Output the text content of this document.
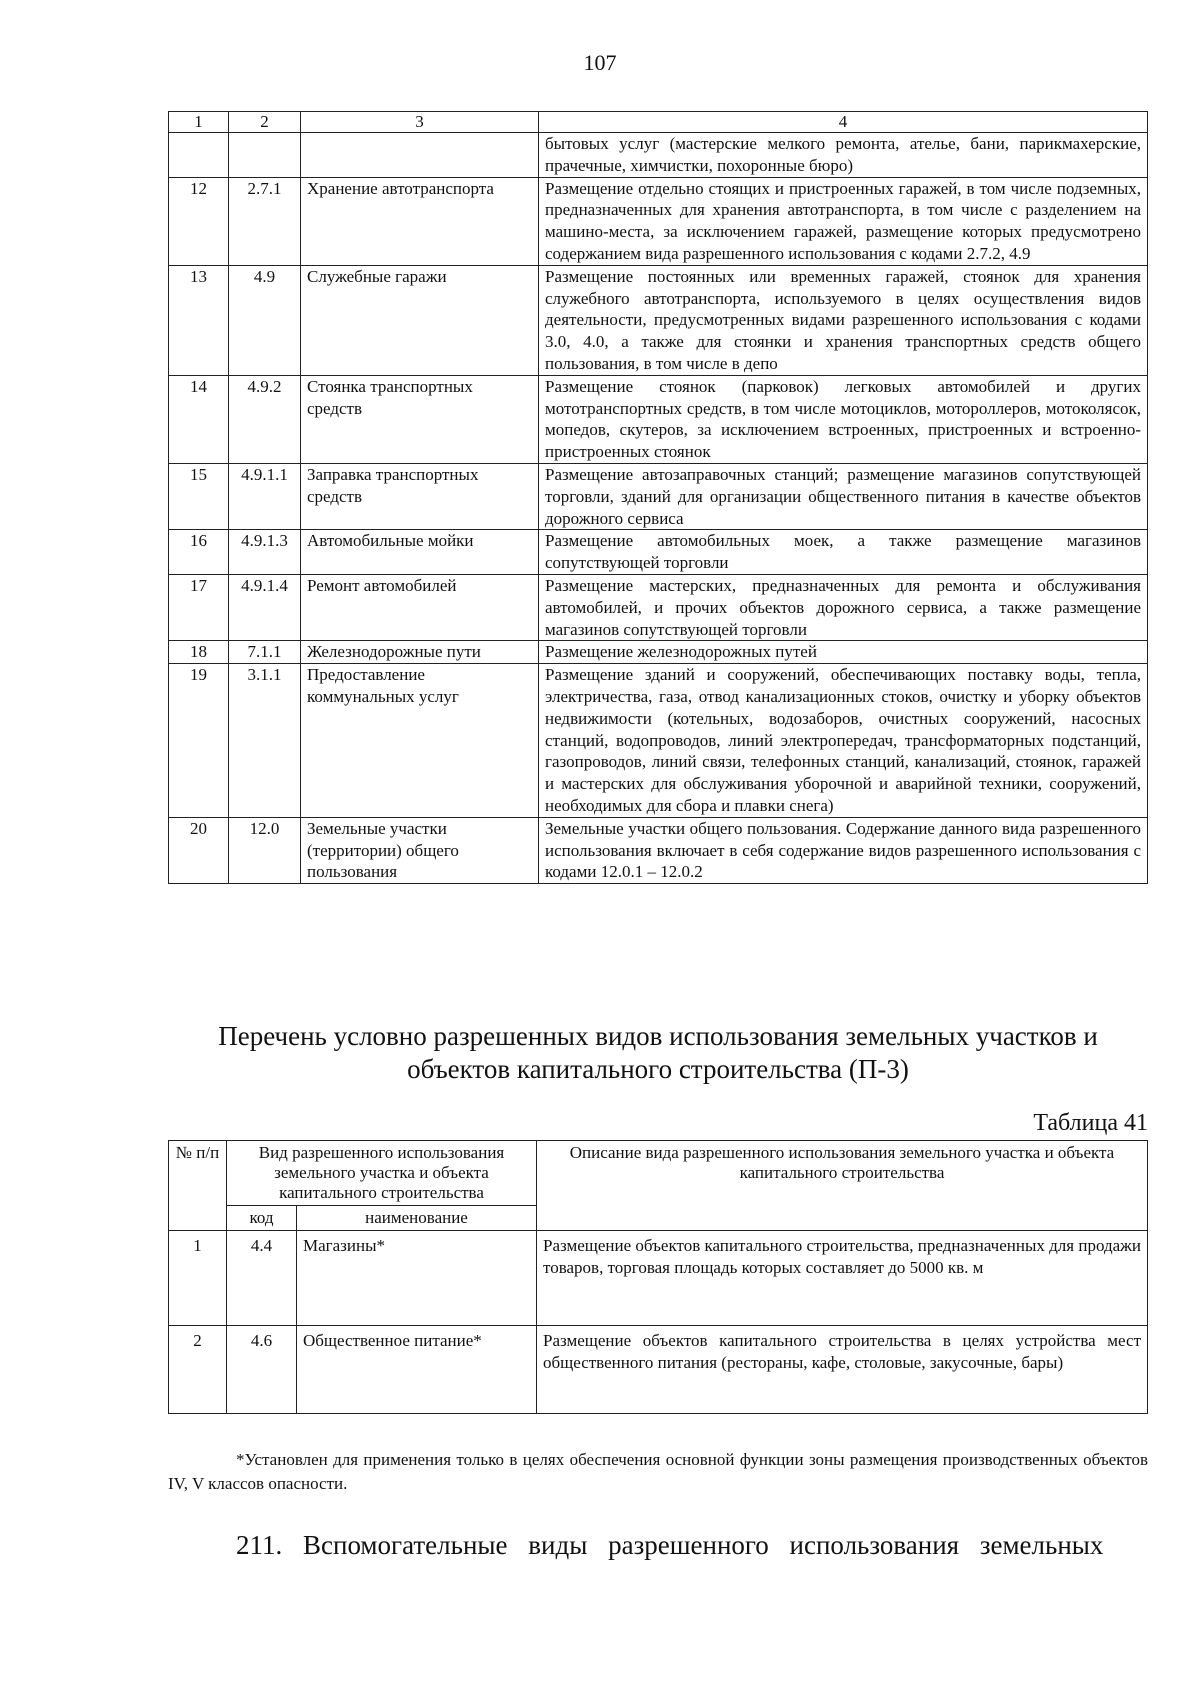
107
1	2	3	4
			бытовых услуг (мастерские мелкого ремонта, ателье, бани, парикмахерские, прачечные, химчистки, похоронные бюро)
12	2.7.1	Хранение автотранспорта	Размещение отдельно стоящих и пристроенных гаражей, в том числе подземных, предназначенных для хранения автотранспорта, в том числе с разделением на машино-места, за исключением гаражей, размещение которых предусмотрено содержанием вида разрешенного использования с кодами 2.7.2, 4.9
13	4.9	Служебные гаражи	Размещение постоянных или временных гаражей, стоянок для хранения служебного автотранспорта, используемого в целях осуществления видов деятельности, предусмотренных видами разрешенного использования с кодами 3.0, 4.0, а также для стоянки и хранения транспортных средств общего пользования, в том числе в депо
14	4.9.2	Стоянка транспортных средств	Размещение стоянок (парковок) легковых автомобилей и других мототранспортных средств, в том числе мотоциклов, мотороллеров, мотоколясок, мопедов, скутеров, за исключением встроенных, пристроенных и встроенно-пристроенных стоянок
15	4.9.1.1	Заправка транспортных средств	Размещение автозаправочных станций; размещение магазинов сопутствующей торговли, зданий для организации общественного питания в качестве объектов дорожного сервиса
16	4.9.1.3	Автомобильные мойки	Размещение автомобильных моек, а также размещение магазинов сопутствующей торговли
17	4.9.1.4	Ремонт автомобилей	Размещение мастерских, предназначенных для ремонта и обслуживания автомобилей, и прочих объектов дорожного сервиса, а также размещение магазинов сопутствующей торговли
18	7.1.1	Железнодорожные пути	Размещение железнодорожных путей
19	3.1.1	Предоставление коммунальных услуг	Размещение зданий и сооружений, обеспечивающих поставку воды, тепла, электричества, газа, отвод канализационных стоков, очистку и уборку объектов недвижимости (котельных, водозаборов, очистных сооружений, насосных станций, водопроводов, линий электропередач, трансформаторных подстанций, газопроводов, линий связи, телефонных станций, канализаций, стоянок, гаражей и мастерских для обслуживания уборочной и аварийной техники, сооружений, необходимых для сбора и плавки снега)
20	12.0	Земельные участки (территории) общего пользования	Земельные участки общего пользования. Содержание данного вида разрешенного использования включает в себя содержание видов разрешенного использования с кодами 12.0.1 – 12.0.2
Перечень условно разрешенных видов использования земельных участков и объектов капитального строительства (П-3)
Таблица 41
№ п/п	Вид разрешенного использования земельного участка и объекта капитального строительства		Описание вида разрешенного использования земельного участка и объекта капитального строительства
	код	наименование	
1	4.4	Магазины*	Размещение объектов капитального строительства, предназначенных для продажи товаров, торговая площадь которых составляет до 5000 кв. м
2	4.6	Общественное питание*	Размещение объектов капитального строительства в целях устройства мест общественного питания (рестораны, кафе, столовые, закусочные, бары)
*Установлен для применения только в целях обеспечения основной функции зоны размещения производственных объектов IV, V классов опасности.
211. Вспомогательные виды разрешенного использования земельных
